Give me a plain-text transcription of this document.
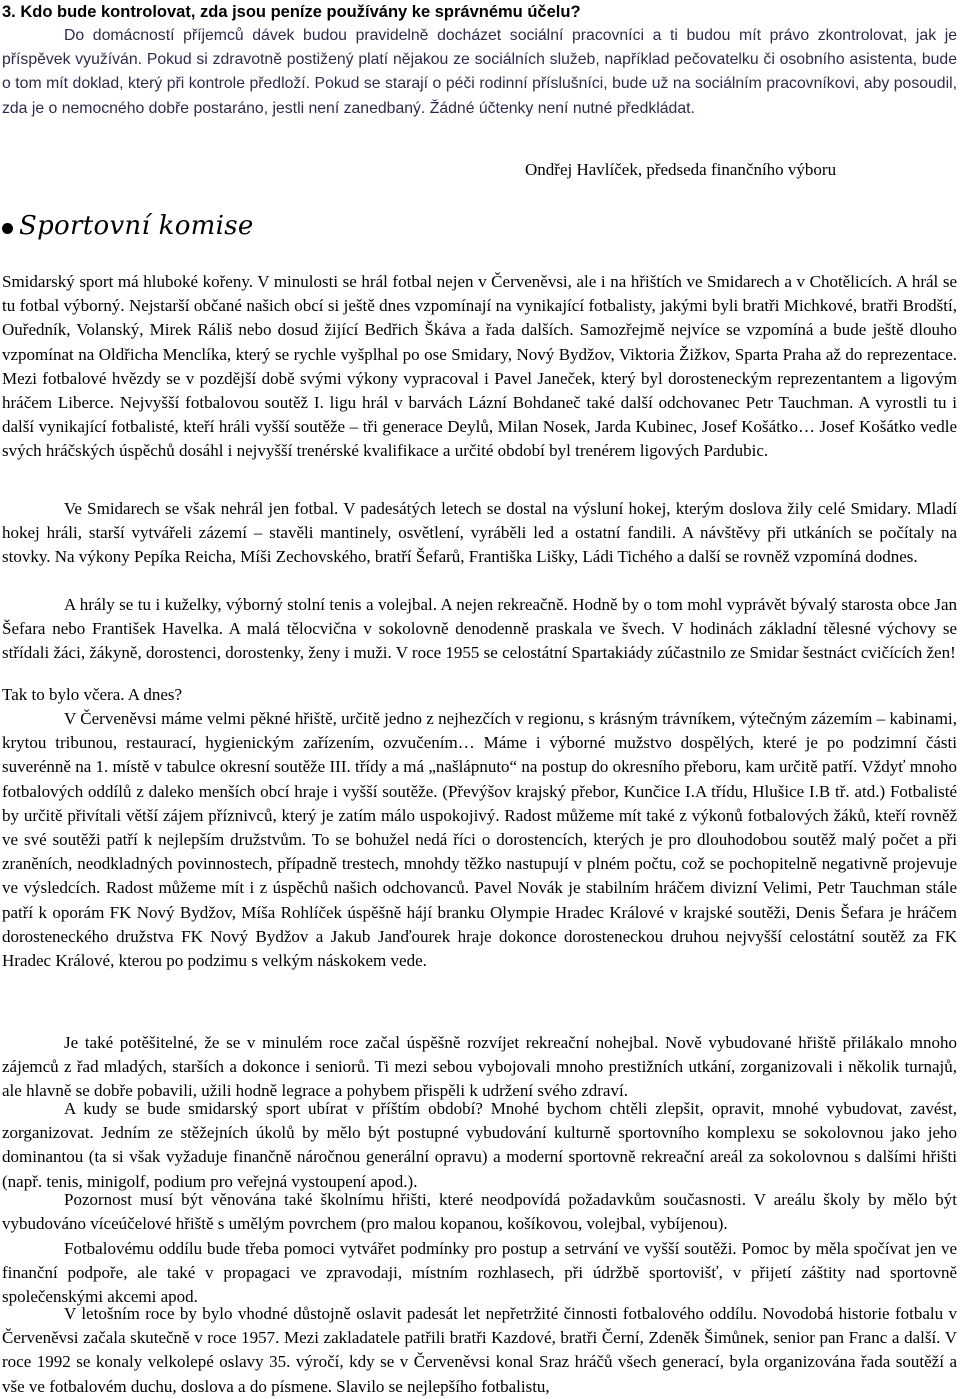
3. Kdo bude kontrolovat, zda jsou peníze používány ke správnému účelu?

Do domácností příjemců dávek budou pravidelně docházet sociální pracovníci a ti budou mít právo zkontrolovat, jak je příspěvek využíván. Pokud si zdravotně postižený platí nějakou ze sociálních služeb, například pečovatelku či osobního asistenta, bude o tom mít doklad, který při kontrole předloží. Pokud se starají o péči rodinní příslušníci, bude už na sociálním pracovníkovi, aby posoudil, zda je o nemocného dobře postaráno, jestli není zanedbaný. Žádné účtenky není nutné předkládat.

Ondřej Havlíček, předseda finančního výboru
Sportovní komise

Smidarský sport má hluboké kořeny. V minulosti se hrál fotbal nejen v Červeněvsi, ale i na hřištích ve Smidarech a v Chotělicích. A hrál se tu fotbal výborný. Nejstarší občané našich obcí si ještě dnes vzpomínají na vynikající fotbalisty, jakými byli bratři Michkové, bratři Brodští, Ouředník, Volanský, Mirek Ráliš nebo dosud žijící Bedřich Škáva a řada dalších. Samozřejmě nejvíce se vzpomíná a bude ještě dlouho vzpomínat na Oldřicha Menclíka, který se rychle vyšplhal po ose Smidary, Nový Bydžov, Viktoria Žižkov, Sparta Praha až do reprezentace. Mezi fotbalové hvězdy se v pozdější době svými výkony vypracoval i Pavel Janeček, který byl dorosteneckým reprezentantem a ligovým hráčem Liberce. Nejvyšší fotbalovou soutěž I. ligu hrál v barvách Lázní Bohdaneč také další odchovanec Petr Tauchman. A vyrostli tu i další vynikající fotbalisté, kteří hráli vyšší soutěže – tři generace Deylů, Milan Nosek, Jarda Kubinec, Josef Košátko… Josef Košátko vedle svých hráčských úspěchů dosáhl i nejvyšší trenérské kvalifikace a určité období byl trenérem ligových Pardubic.

Ve Smidarech se však nehrál jen fotbal. V padesátých letech se dostal na výsluní hokej, kterým doslova žily celé Smidary. Mladí hokej hráli, starší vytvářeli zázemí – stavěli mantinely, osvětlení, vyráběli led a ostatní fandili. A návštěvy při utkáních se počítaly na stovky. Na výkony Pepíka Reicha, Míši Zechovského, bratří Šefarů, Františka Lišky, Ládi Tichého a další se rovněž vzpomíná dodnes.

A hrály se tu i kuželky, výborný stolní tenis a volejbal. A nejen rekreačně. Hodně by o tom mohl vyprávět bývalý starosta obce Jan Šefara nebo František Havelka. A malá tělocvična v sokolovně denodenně praskala ve švech. V hodinách základní tělesné výchovy se střídali žáci, žákyně, dorostenci, dorostenky, ženy i muži. V roce 1955 se celostátní Spartakiády zúčastnilo ze Smidar šestnáct cvičících žen!

Tak to bylo včera. A dnes?

V Červeněvsi máme velmi pěkné hřiště, určitě jedno z nejhezčích v regionu, s krásným trávníkem, výtečným zázemím – kabinami, krytou tribunou, restaurací, hygienickým zařízením, ozvučením… Máme i výborné mužstvo dospělých, které je po podzimní části suverénně na 1. místě v tabulce okresní soutěže III. třídy a má „našlápnuto“ na postup do okresního přeboru, kam určitě patří. Vždyť mnoho fotbalových oddílů z daleko menších obcí hraje i vyšší soutěže. (Převýšov krajský přebor, Kunčice I.A třídu, Hlušice I.B tř. atd.) Fotbalisté by určitě přivítali větší zájem příznivců, který je zatím málo uspokojivý. Radost můžeme mít také z výkonů fotbalových žáků, kteří rovněž ve své soutěži patří k nejlepším družstvům. To se bohužel nedá říci o dorostencích, kterých je pro dlouhodobou soutěž malý počet a při zraněních, neodkladných povinnostech, případně trestech, mnohdy těžko nastupují v plném počtu, což se pochopitelně negativně projevuje ve výsledcích. Radost můžeme mít i z úspěchů našich odchovanců. Pavel Novák je stabilním hráčem divizní Velimi, Petr Tauchman stále patří k oporám FK Nový Bydžov, Míša Rohlíček úspěšně hájí branku Olympie Hradec Králové v krajské soutěži, Denis Šefara je hráčem dorosteneckého družstva FK Nový Bydžov a Jakub Janďourek hraje dokonce dorosteneckou druhou nejvyšší celostátní soutěž za FK Hradec Králové, kterou po podzimu s velkým náskokem vede.

Je také potěšitelné, že se v minulém roce začal úspěšně rozvíjet rekreační nohejbal. Nově vybudované hřiště přilákalo mnoho zájemců z řad mladých, starších a dokonce i seniorů. Ti mezi sebou vybojovali mnoho prestižních utkání, zorganizovali i několik turnajů, ale hlavně se dobře pobavili, užili hodně legrace a pohybem přispěli k udržení svého zdraví.

A kudy se bude smidarský sport ubírat v příštím období? Mnohé bychom chtěli zlepšit, opravit, mnohé vybudovat, zavést, zorganizovat. Jedním ze stěžejních úkolů by mělo být postupné vybudování kulturně sportovního komplexu se sokolovnou jako jeho dominantou (ta si však vyžaduje finančně náročnou generální opravu) a moderní sportovně rekreační areál za sokolovnou s dalšími hřišti (např. tenis, minigolf, podium pro veřejná vystoupení apod.).

Pozornost musí být věnována také školnímu hřišti, které neodpovídá požadavkům současnosti. V areálu školy by mělo být vybudováno víceúčelové hřiště s umělým povrchem (pro malou kopanou, košíkovou, volejbal, vybíjenou).

Fotbalovému oddílu bude třeba pomoci vytvářet podmínky pro postup a setrvání ve vyšší soutěži. Pomoc by měla spočívat jen ve finanční podpoře, ale také v propagaci ve zpravodaji, místním rozhlasech, při údržbě sportovišť, v přijetí záštity nad sportovně společenskými akcemi apod.

V letošním roce by bylo vhodné důstojně oslavit padesát let nepřetržité činnosti fotbalového oddílu. Novodobá historie fotbalu v Červeněvsi začala skutečně v roce 1957. Mezi zakladatele patřili bratři Kazdové, bratři Černí, Zdeněk Šimůnek, senior pan Franc a další. V roce 1992 se konaly velkolepé oslavy 35. výročí, kdy se v Červeněvsi konal Sraz hráčů všech generací, byla organizována řada soutěží a vše ve fotbalovém duchu, doslova a do písmene. Slavilo se nejlepšího fotbalistu,
